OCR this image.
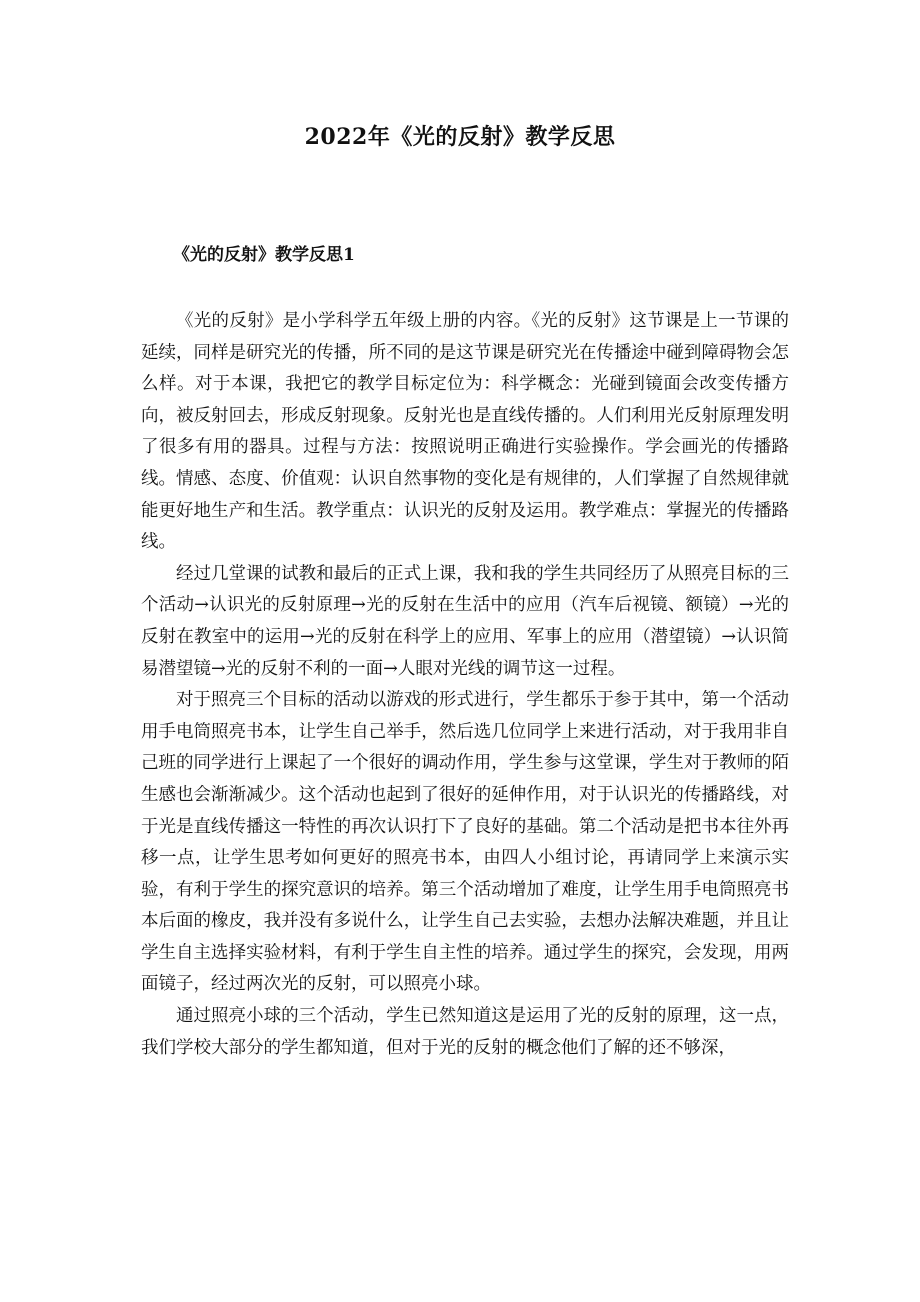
2022年《光的反射》教学反思
《光的反射》教学反思1

《光的反射》是小学科学五年级上册的内容。《光的反射》这节课是上一节课的延续，同样是研究光的传播，所不同的是这节课是研究光在传播途中碰到障碍物会怎么样。对于本课，我把它的教学目标定位为：科学概念：光碰到镜面会改变传播方向，被反射回去，形成反射现象。反射光也是直线传播的。人们利用光反射原理发明了很多有用的器具。过程与方法：按照说明正确进行实验操作。学会画光的传播路线。情感、态度、价值观：认识自然事物的变化是有规律的，人们掌握了自然规律就能更好地生产和生活。教学重点：认识光的反射及运用。教学难点：掌握光的传播路线。

经过几堂课的试教和最后的正式上课，我和我的学生共同经历了从照亮目标的三个活动→认识光的反射原理→光的反射在生活中的应用（汽车后视镜、额镜）→光的反射在教室中的运用→光的反射在科学上的应用、军事上的应用（潜望镜）→认识简易潜望镜→光的反射不利的一面→人眼对光线的调节这一过程。

对于照亮三个目标的活动以游戏的形式进行，学生都乐于参于其中，第一个活动用手电筒照亮书本，让学生自己举手，然后选几位同学上来进行活动，对于我用非自己班的同学进行上课起了一个很好的调动作用，学生参与这堂课，学生对于教师的陌生感也会渐渐减少。这个活动也起到了很好的延伸作用，对于认识光的传播路线，对于光是直线传播这一特性的再次认识打下了良好的基础。第二个活动是把书本往外再移一点，让学生思考如何更好的照亮书本，由四人小组讨论，再请同学上来演示实验，有利于学生的探究意识的培养。第三个活动增加了难度，让学生用手电筒照亮书本后面的橡皮，我并没有多说什么，让学生自己去实验，去想办法解决难题，并且让学生自主选择实验材料，有利于学生自主性的培养。通过学生的探究，会发现，用两面镜子，经过两次光的反射，可以照亮小球。

通过照亮小球的三个活动，学生已然知道这是运用了光的反射的原理，这一点，我们学校大部分的学生都知道，但对于光的反射的概念他们了解的还不够深，
